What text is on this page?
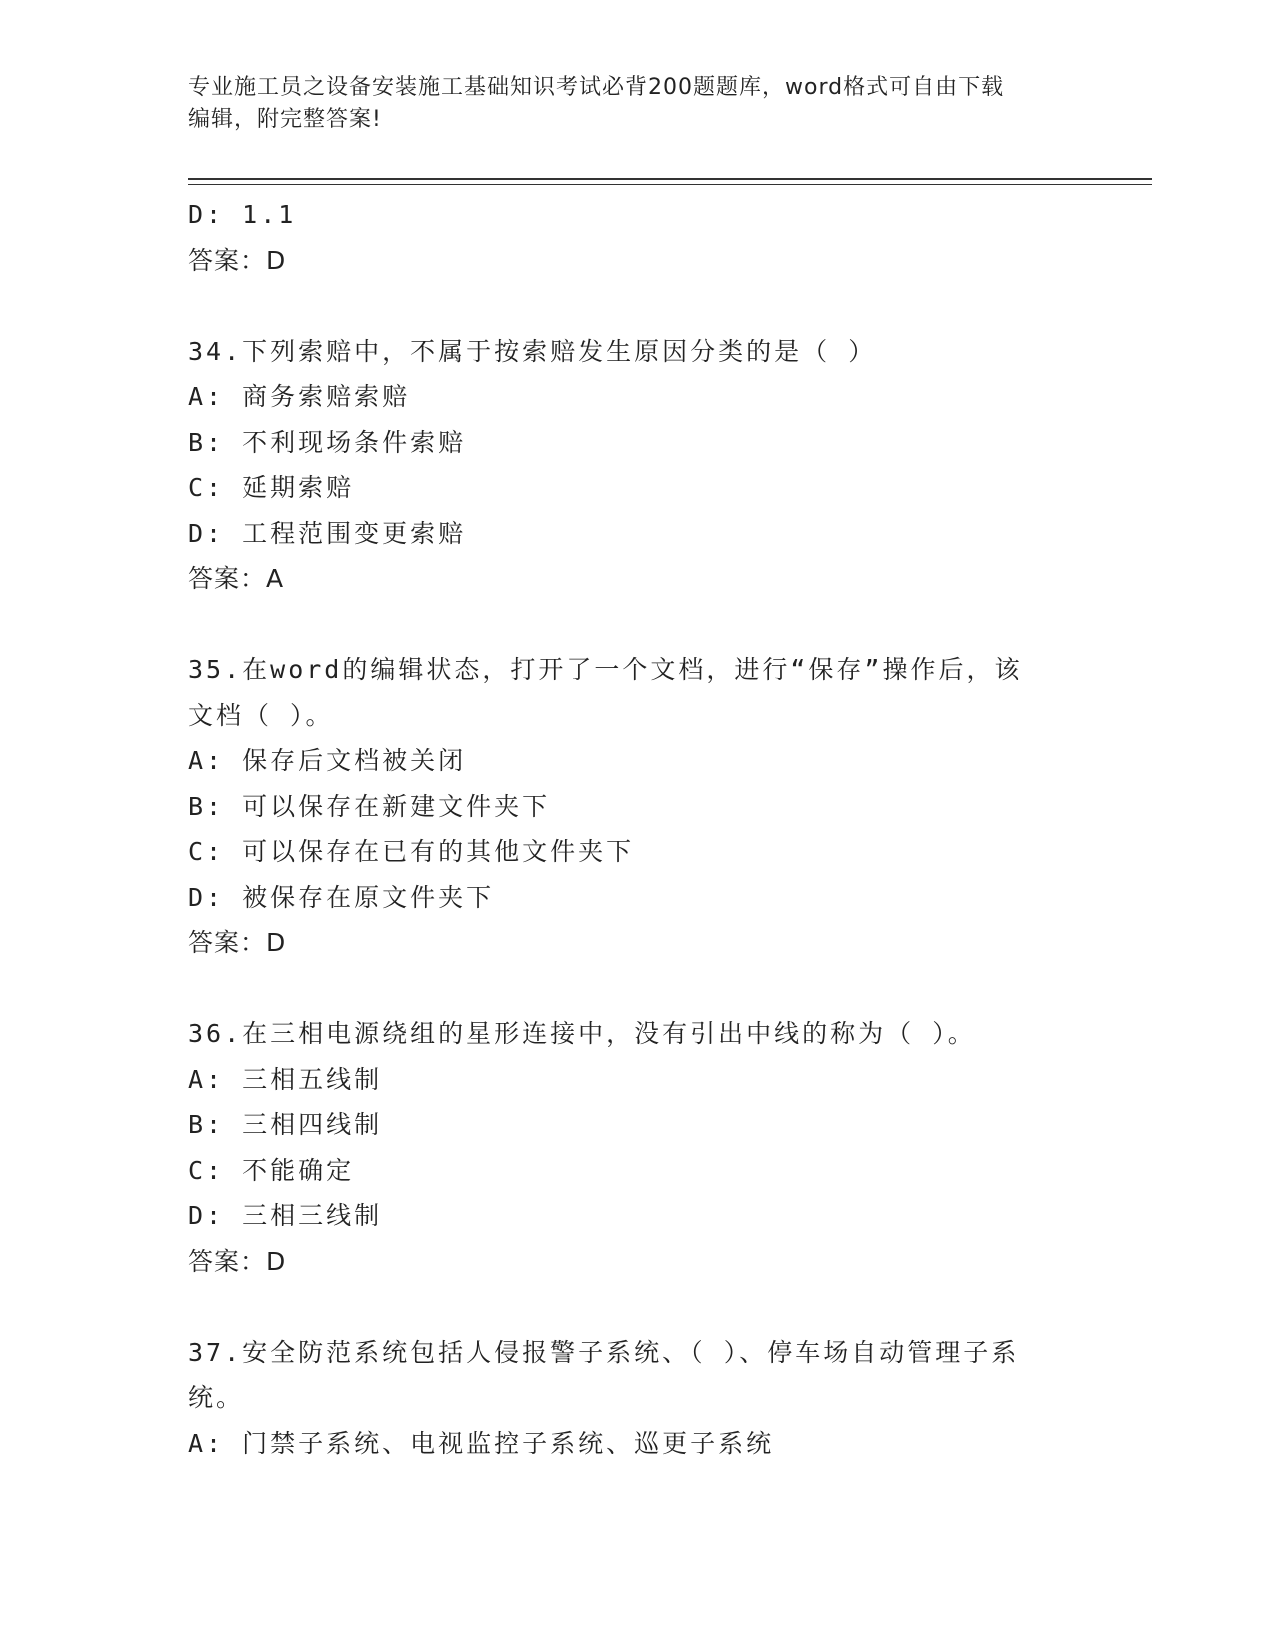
专业施工员之设备安装施工基础知识考试必背200题题库，word格式可自由下载
编辑，附完整答案!
D: 1.1
答案：D
34.下列索赔中，不属于按索赔发生原因分类的是（ ）
A: 商务索赔索赔
B: 不利现场条件索赔
C: 延期索赔
D: 工程范围变更索赔
答案：A
35.在word的编辑状态，打开了一个文档，进行“保存”操作后，该
文档（ ）。
A: 保存后文档被关闭
B: 可以保存在新建文件夹下
C: 可以保存在已有的其他文件夹下
D: 被保存在原文件夹下
答案：D
36.在三相电源绕组的星形连接中，没有引出中线的称为（ ）。
A: 三相五线制
B: 三相四线制
C: 不能确定
D: 三相三线制
答案：D
37.安全防范系统包括人侵报警子系统、（ ）、停车场自动管理子系
统。
A: 门禁子系统、电视监控子系统、巡更子系统
